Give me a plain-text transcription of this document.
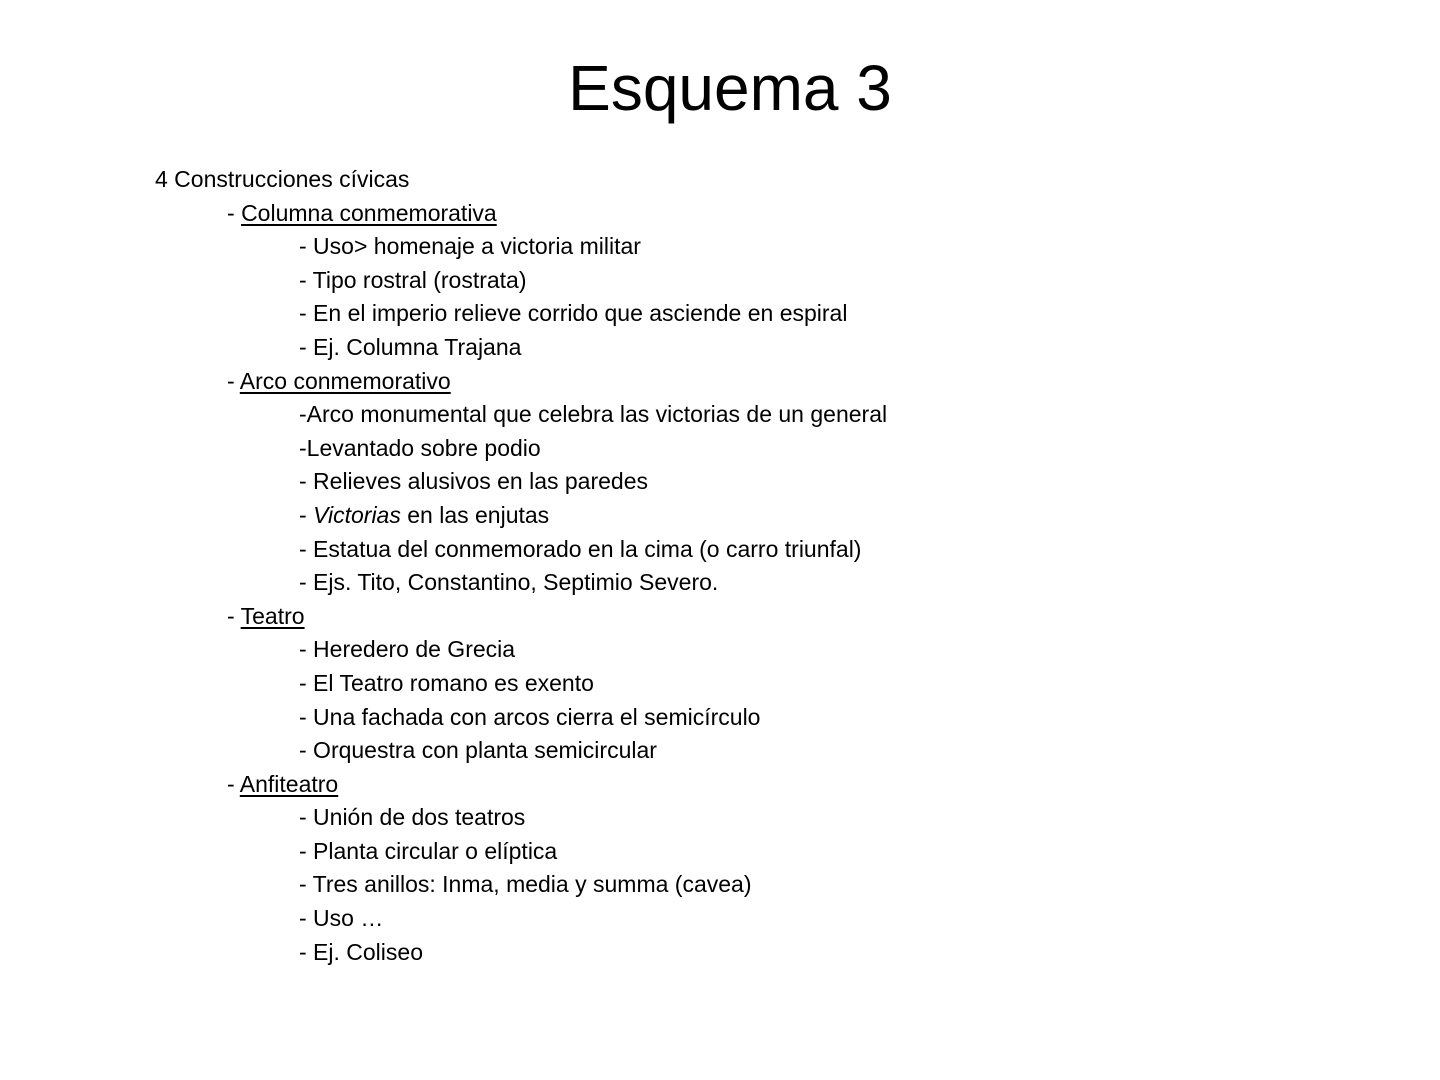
Esquema 3
4 Construcciones cívicas
- Columna conmemorativa
- Uso> homenaje a victoria militar
- Tipo rostral (rostrata)
- En el imperio relieve corrido que asciende en espiral
- Ej. Columna Trajana
- Arco conmemorativo
-Arco monumental que celebra las victorias de un general
-Levantado sobre podio
- Relieves alusivos en las paredes
- Victorias en las enjutas
- Estatua del conmemorado en la cima (o carro triunfal)
- Ejs. Tito, Constantino, Septimio Severo.
- Teatro
- Heredero de Grecia
- El Teatro romano es exento
- Una fachada con arcos cierra el semicírculo
- Orquestra con planta semicircular
- Anfiteatro
- Unión de dos teatros
- Planta circular o elíptica
- Tres anillos: Inma, media y summa (cavea)
- Uso …
- Ej. Coliseo
